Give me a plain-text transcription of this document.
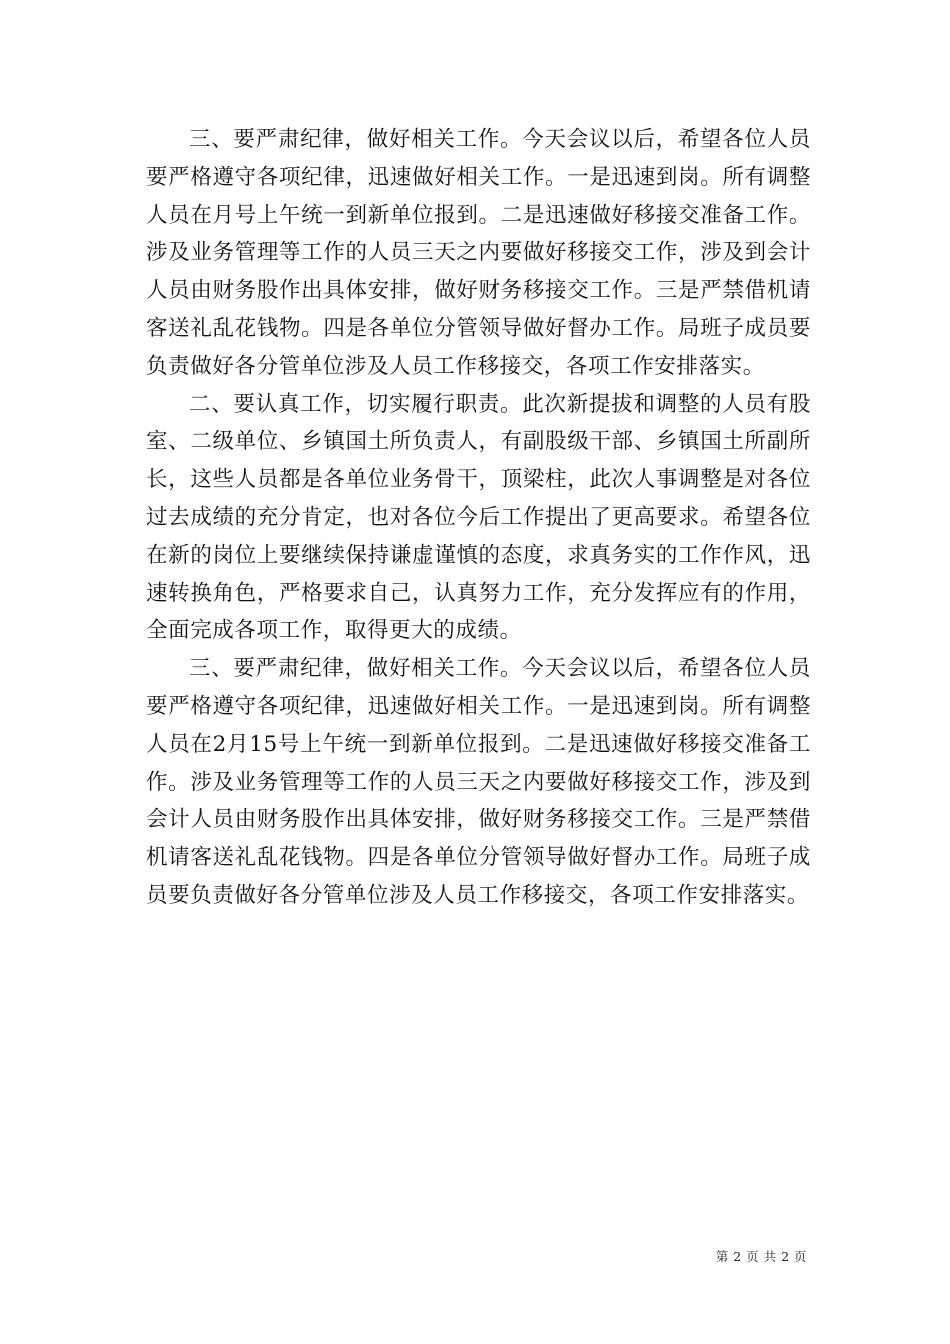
三、要严肃纪律，做好相关工作。今天会议以后，希望各位人员要严格遵守各项纪律，迅速做好相关工作。一是迅速到岗。所有调整人员在月号上午统一到新单位报到。二是迅速做好移接交准备工作。涉及业务管理等工作的人员三天之内要做好移接交工作，涉及到会计人员由财务股作出具体安排，做好财务移接交工作。三是严禁借机请客送礼乱花钱物。四是各单位分管领导做好督办工作。局班子成员要负责做好各分管单位涉及人员工作移接交，各项工作安排落实。

二、要认真工作，切实履行职责。此次新提拔和调整的人员有股室、二级单位、乡镇国土所负责人，有副股级干部、乡镇国土所副所长，这些人员都是各单位业务骨干，顶梁柱，此次人事调整是对各位过去成绩的充分肯定，也对各位今后工作提出了更高要求。希望各位在新的岗位上要继续保持谦虚谨慎的态度，求真务实的工作作风，迅速转换角色，严格要求自己，认真努力工作，充分发挥应有的作用，全面完成各项工作，取得更大的成绩。

三、要严肃纪律，做好相关工作。今天会议以后，希望各位人员要严格遵守各项纪律，迅速做好相关工作。一是迅速到岗。所有调整人员在2月15号上午统一到新单位报到。二是迅速做好移接交准备工作。涉及业务管理等工作的人员三天之内要做好移接交工作，涉及到会计人员由财务股作出具体安排，做好财务移接交工作。三是严禁借机请客送礼乱花钱物。四是各单位分管领导做好督办工作。局班子成员要负责做好各分管单位涉及人员工作移接交，各项工作安排落实。

第 2 页 共 2 页
